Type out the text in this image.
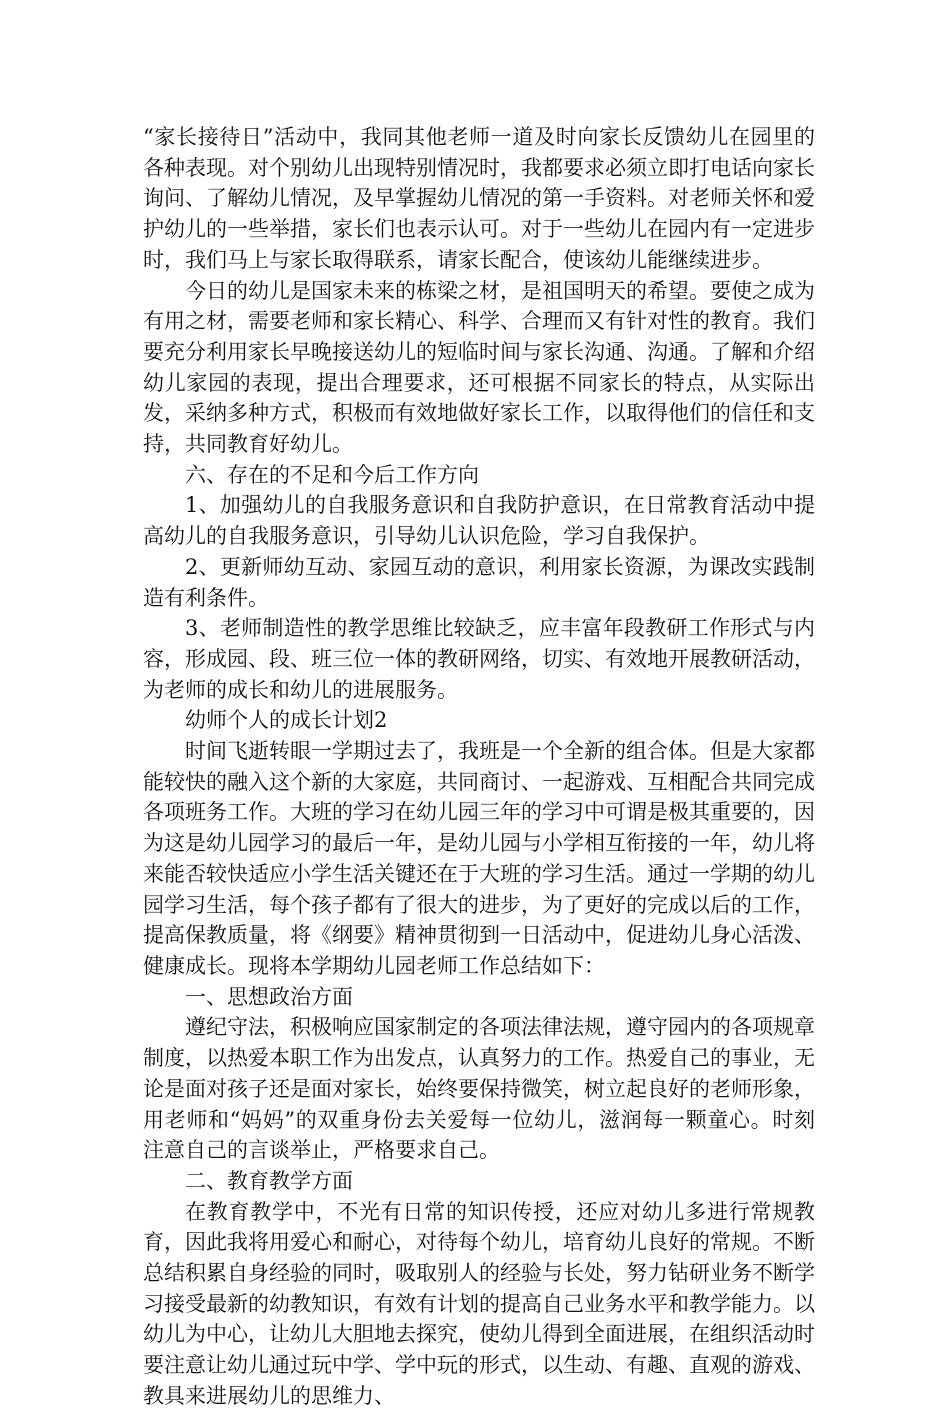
“家长接待日”活动中，我同其他老师一道及时向家长反馈幼儿在园里的各种表现。对个别幼儿出现特别情况时，我都要求必须立即打电话向家长询问、了解幼儿情况，及早掌握幼儿情况的第一手资料。对老师关怀和爱护幼儿的一些举措，家长们也表示认可。对于一些幼儿在园内有一定进步时，我们马上与家长取得联系，请家长配合，使该幼儿能继续进步。

今日的幼儿是国家未来的栋梁之材，是祖国明天的希望。要使之成为有用之材，需要老师和家长精心、科学、合理而又有针对性的教育。我们要充分利用家长早晚接送幼儿的短临时间与家长沟通、沟通。了解和介绍幼儿家园的表现，提出合理要求，还可根据不同家长的特点，从实际出发，采纳多种方式，积极而有效地做好家长工作，以取得他们的信任和支持，共同教育好幼儿。

六、存在的不足和今后工作方向

1、加强幼儿的自我服务意识和自我防护意识，在日常教育活动中提高幼儿的自我服务意识，引导幼儿认识危险，学习自我保护。

2、更新师幼互动、家园互动的意识，利用家长资源，为课改实践制造有利条件。

3、老师制造性的教学思维比较缺乏，应丰富年段教研工作形式与内容，形成园、段、班三位一体的教研网络，切实、有效地开展教研活动，为老师的成长和幼儿的进展服务。

幼师个人的成长计划2

时间飞逝转眼一学期过去了，我班是一个全新的组合体。但是大家都能较快的融入这个新的大家庭，共同商讨、一起游戏、互相配合共同完成各项班务工作。大班的学习在幼儿园三年的学习中可谓是极其重要的，因为这是幼儿园学习的最后一年，是幼儿园与小学相互衔接的一年，幼儿将来能否较快适应小学生活关键还在于大班的学习生活。通过一学期的幼儿园学习生活，每个孩子都有了很大的进步，为了更好的完成以后的工作，提高保教质量，将《纲要》精神贯彻到一日活动中，促进幼儿身心活泼、健康成长。现将本学期幼儿园老师工作总结如下：

一、思想政治方面

遵纪守法，积极响应国家制定的各项法律法规，遵守园内的各项规章制度，以热爱本职工作为出发点，认真努力的工作。热爱自己的事业，无论是面对孩子还是面对家长，始终要保持微笑，树立起良好的老师形象，用老师和“妈妈”的双重身份去关爱每一位幼儿，滋润每一颗童心。时刻注意自己的言谈举止，严格要求自己。

二、教育教学方面

在教育教学中，不光有日常的知识传授，还应对幼儿多进行常规教育，因此我将用爱心和耐心，对待每个幼儿，培育幼儿良好的常规。不断总结积累自身经验的同时，吸取别人的经验与长处，努力钻研业务不断学习接受最新的幼教知识，有效有计划的提高自己业务水平和教学能力。以幼儿为中心，让幼儿大胆地去探究，使幼儿得到全面进展，在组织活动时要注意让幼儿通过玩中学、学中玩的形式，以生动、有趣、直观的游戏、教具来进展幼儿的思维力、
